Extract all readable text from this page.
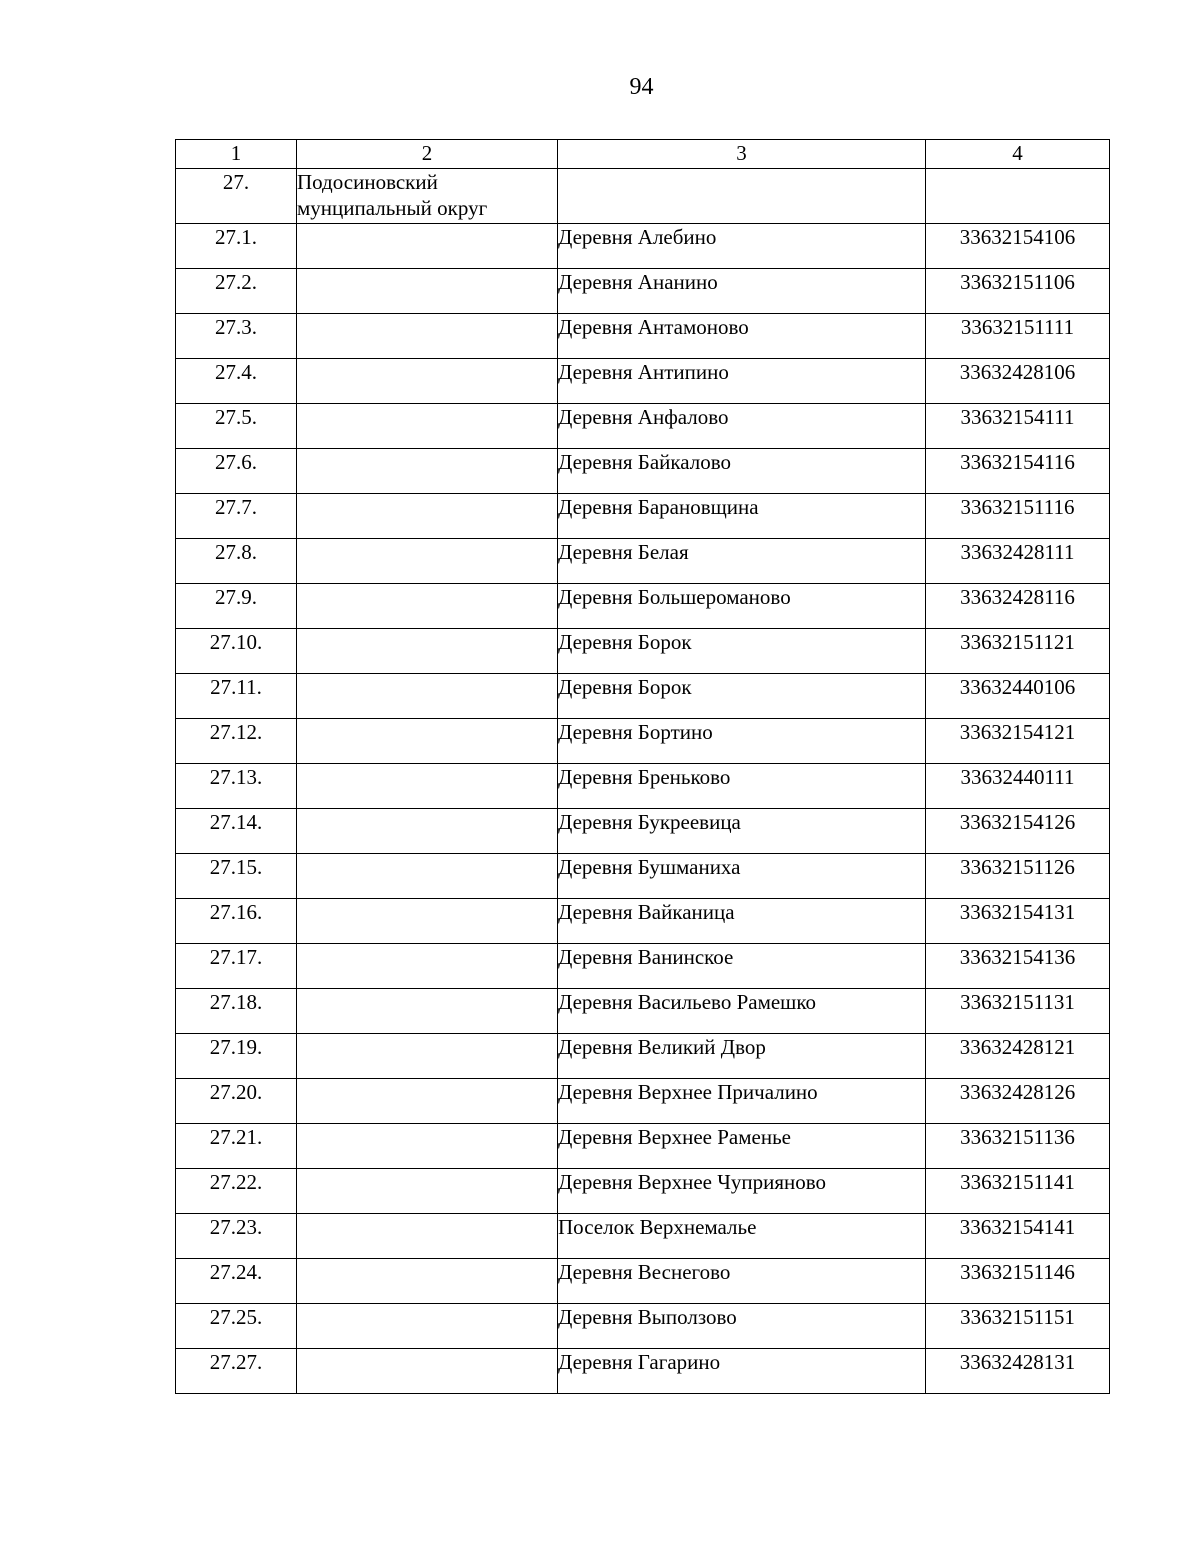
94
1	2	3	4
27.	Подосиновский
мунципальный округ		

27.1.		Деревня Алебино	33632154106
27.2.		Деревня Ананино	33632151106
27.3.		Деревня Антамоново	33632151111
27.4.		Деревня Антипино	33632428106
27.5.		Деревня Анфалово	33632154111
27.6.		Деревня Байкалово	33632154116
27.7.		Деревня Барановщина	33632151116
27.8.		Деревня Белая	33632428111
27.9.		Деревня Большероманово	33632428116
27.10.		Деревня Борок	33632151121
27.11.		Деревня Борок	33632440106
27.12.		Деревня Бортино	33632154121
27.13.		Деревня Бреньково	33632440111
27.14.		Деревня Букреевица	33632154126
27.15.		Деревня Бушманиха	33632151126
27.16.		Деревня Вайканица	33632154131
27.17.		Деревня Ванинское	33632154136
27.18.		Деревня Васильево Рамешко	33632151131
27.19.		Деревня Великий Двор	33632428121
27.20.		Деревня Верхнее Причалино	33632428126
27.21.		Деревня Верхнее Раменье	33632151136
27.22.		Деревня Верхнее Чуприяново	33632151141
27.23.		Поселок Верхнемалье	33632154141
27.24.		Деревня Веснегово	33632151146
27.25.		Деревня Выползово	33632151151
27.27.		Деревня Гагарино	33632428131
